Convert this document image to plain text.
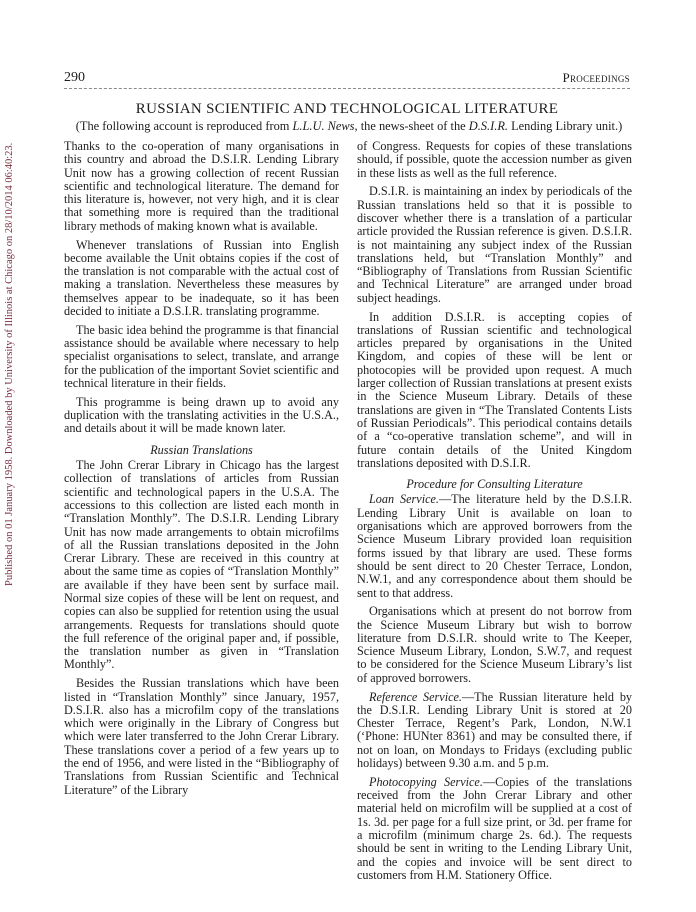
Published on 01 January 1958. Downloaded by University of Illinois at Chicago on 28/10/2014 06:40:23.
290	Proceedings
RUSSIAN SCIENTIFIC AND TECHNOLOGICAL LITERATURE
(The following account is reproduced from L.L.U. News, the news-sheet of the D.S.I.R. Lending Library unit.)

Thanks to the co-operation of many organisations in this country and abroad the D.S.I.R. Lending Library Unit now has a growing collection of recent Russian scientific and technological literature. The demand for this literature is, however, not very high, and it is clear that something more is required than the traditional library methods of making known what is available.

Whenever translations of Russian into English become available the Unit obtains copies if the cost of the translation is not comparable with the actual cost of making a translation. Nevertheless these measures by themselves appear to be inadequate, so it has been decided to initiate a D.S.I.R. translating programme.

The basic idea behind the programme is that financial assistance should be available where necessary to help specialist organisations to select, translate, and arrange for the publication of the important Soviet scientific and technical literature in their fields.

This programme is being drawn up to avoid any duplication with the translating activities in the U.S.A., and details about it will be made known later.

Russian Translations

The John Crerar Library in Chicago has the largest collection of translations of articles from Russian scientific and technological papers in the U.S.A. The accessions to this collection are listed each month in “Translation Monthly”. The D.S.I.R. Lending Library Unit has now made arrangements to obtain microfilms of all the Russian translations deposited in the John Crerar Library. These are received in this country at about the same time as copies of “Translation Monthly” are available if they have been sent by surface mail. Normal size copies of these will be lent on request, and copies can also be supplied for retention using the usual arrangements. Requests for translations should quote the full reference of the original paper and, if possible, the translation number as given in “Translation Monthly”.

Besides the Russian translations which have been listed in “Translation Monthly” since January, 1957, D.S.I.R. also has a microfilm copy of the translations which were originally in the Library of Congress but which were later transferred to the John Crerar Library. These translations cover a period of a few years up to the end of 1956, and were listed in the “Bibliography of Translations from Russian Scientific and Technical Literature” of the Library

of Congress. Requests for copies of these translations should, if possible, quote the accession number as given in these lists as well as the full reference.

D.S.I.R. is maintaining an index by periodicals of the Russian translations held so that it is possible to discover whether there is a translation of a particular article provided the Russian reference is given. D.S.I.R. is not maintaining any subject index of the Russian translations held, but “Translation Monthly” and “Bibliography of Translations from Russian Scientific and Technical Literature” are arranged under broad subject headings.

In addition D.S.I.R. is accepting copies of translations of Russian scientific and technological articles prepared by organisations in the United Kingdom, and copies of these will be lent or photocopies will be provided upon request. A much larger collection of Russian translations at present exists in the Science Museum Library. Details of these translations are given in “The Translated Contents Lists of Russian Periodicals”. This periodical contains details of a “co-operative translation scheme”, and will in future contain details of the United Kingdom translations deposited with D.S.I.R.

Procedure for Consulting Literature

Loan Service.—The literature held by the D.S.I.R. Lending Library Unit is available on loan to organisations which are approved borrowers from the Science Museum Library provided loan requisition forms issued by that library are used. These forms should be sent direct to 20 Chester Terrace, London, N.W.1, and any correspondence about them should be sent to that address.

Organisations which at present do not borrow from the Science Museum Library but wish to borrow literature from D.S.I.R. should write to The Keeper, Science Museum Library, London, S.W.7, and request to be considered for the Science Museum Library’s list of approved borrowers.

Reference Service.—The Russian literature held by the D.S.I.R. Lending Library Unit is stored at 20 Chester Terrace, Regent’s Park, London, N.W.1 (‘Phone: HUNter 8361) and may be consulted there, if not on loan, on Mondays to Fridays (excluding public holidays) between 9.30 a.m. and 5 p.m.

Photocopying Service.—Copies of the translations received from the John Crerar Library and other material held on microfilm will be supplied at a cost of 1s. 3d. per page for a full size print, or 3d. per frame for a microfilm (minimum charge 2s. 6d.). The requests should be sent in writing to the Lending Library Unit, and the copies and invoice will be sent direct to customers from H.M. Stationery Office.
